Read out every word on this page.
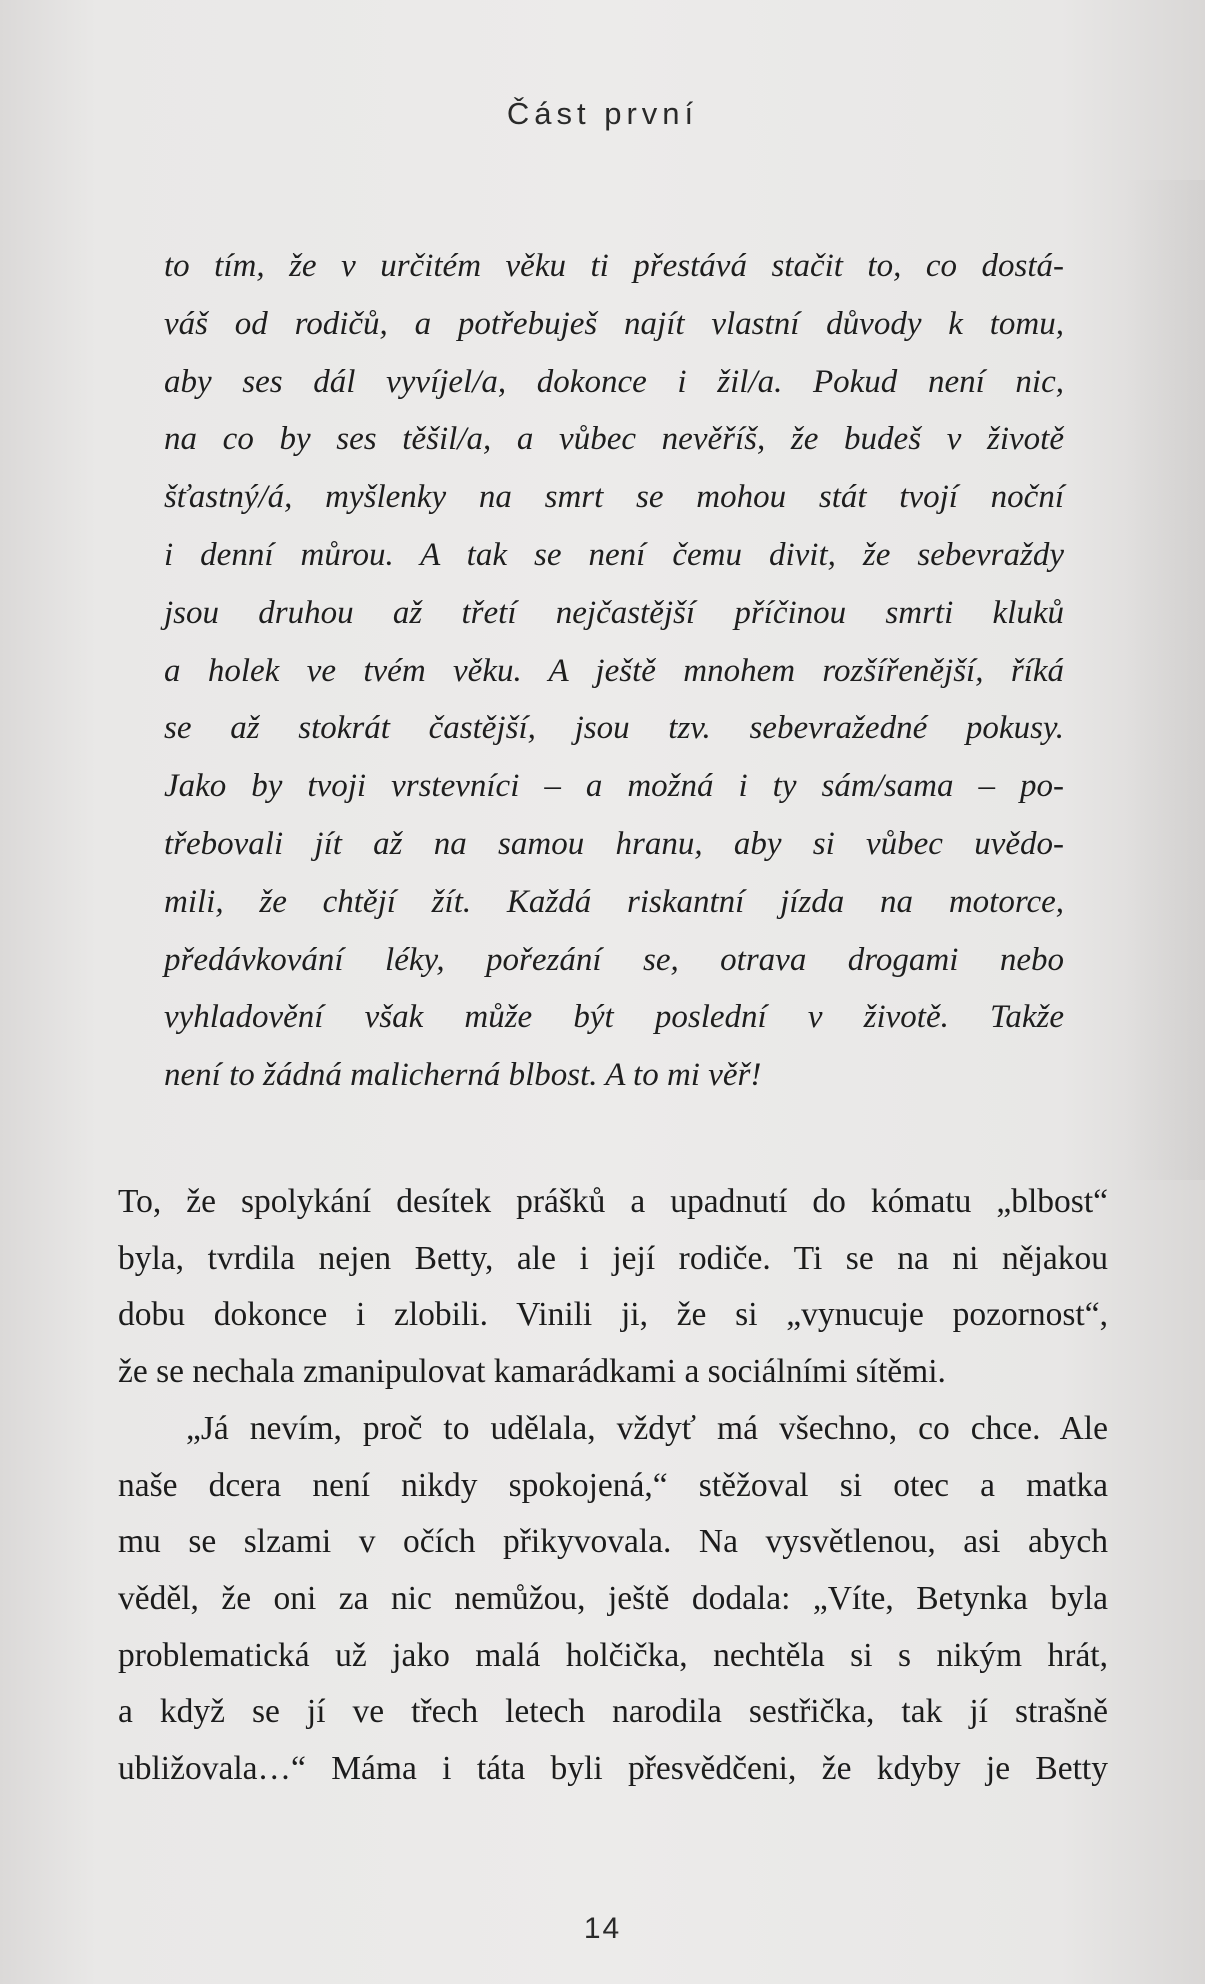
Část první
to tím, že v určitém věku ti přestává stačit to, co dostá-
váš od rodičů, a potřebuješ najít vlastní důvody k tomu,
aby ses dál vyvíjel/a, dokonce i žil/a. Pokud není nic,
na co by ses těšil/a, a vůbec nevěříš, že budeš v životě
šťastný/á, myšlenky na smrt se mohou stát tvojí noční
i denní můrou. A tak se není čemu divit, že sebevraždy
jsou druhou až třetí nejčastější příčinou smrti kluků
a holek ve tvém věku. A ještě mnohem rozšířenější, říká
se až stokrát častější, jsou tzv. sebevražedné pokusy.
Jako by tvoji vrstevníci – a možná i ty sám/sama – po-
třebovali jít až na samou hranu, aby si vůbec uvědo-
mili, že chtějí žít. Každá riskantní jízda na motorce,
předávkování léky, pořezání se, otrava drogami nebo
vyhladovění však může být poslední v životě. Takže
není to žádná malicherná blbost. A to mi věř!
To, že spolykání desítek prášků a upadnutí do kómatu „blbost“
byla, tvrdila nejen Betty, ale i její rodiče. Ti se na ni nějakou
dobu dokonce i zlobili. Vinili ji, že si „vynucuje pozornost“,
že se nechala zmanipulovat kamarádkami a sociálními sítěmi.
„Já nevím, proč to udělala, vždyť má všechno, co chce. Ale
naše dcera není nikdy spokojená,“ stěžoval si otec a matka
mu se slzami v očích přikyvovala. Na vysvětlenou, asi abych
věděl, že oni za nic nemůžou, ještě dodala: „Víte, Betynka byla
problematická už jako malá holčička, nechtěla si s nikým hrát,
a když se jí ve třech letech narodila sestřička, tak jí strašně
ubližovala…“ Máma i táta byli přesvědčeni, že kdyby je Betty
14
